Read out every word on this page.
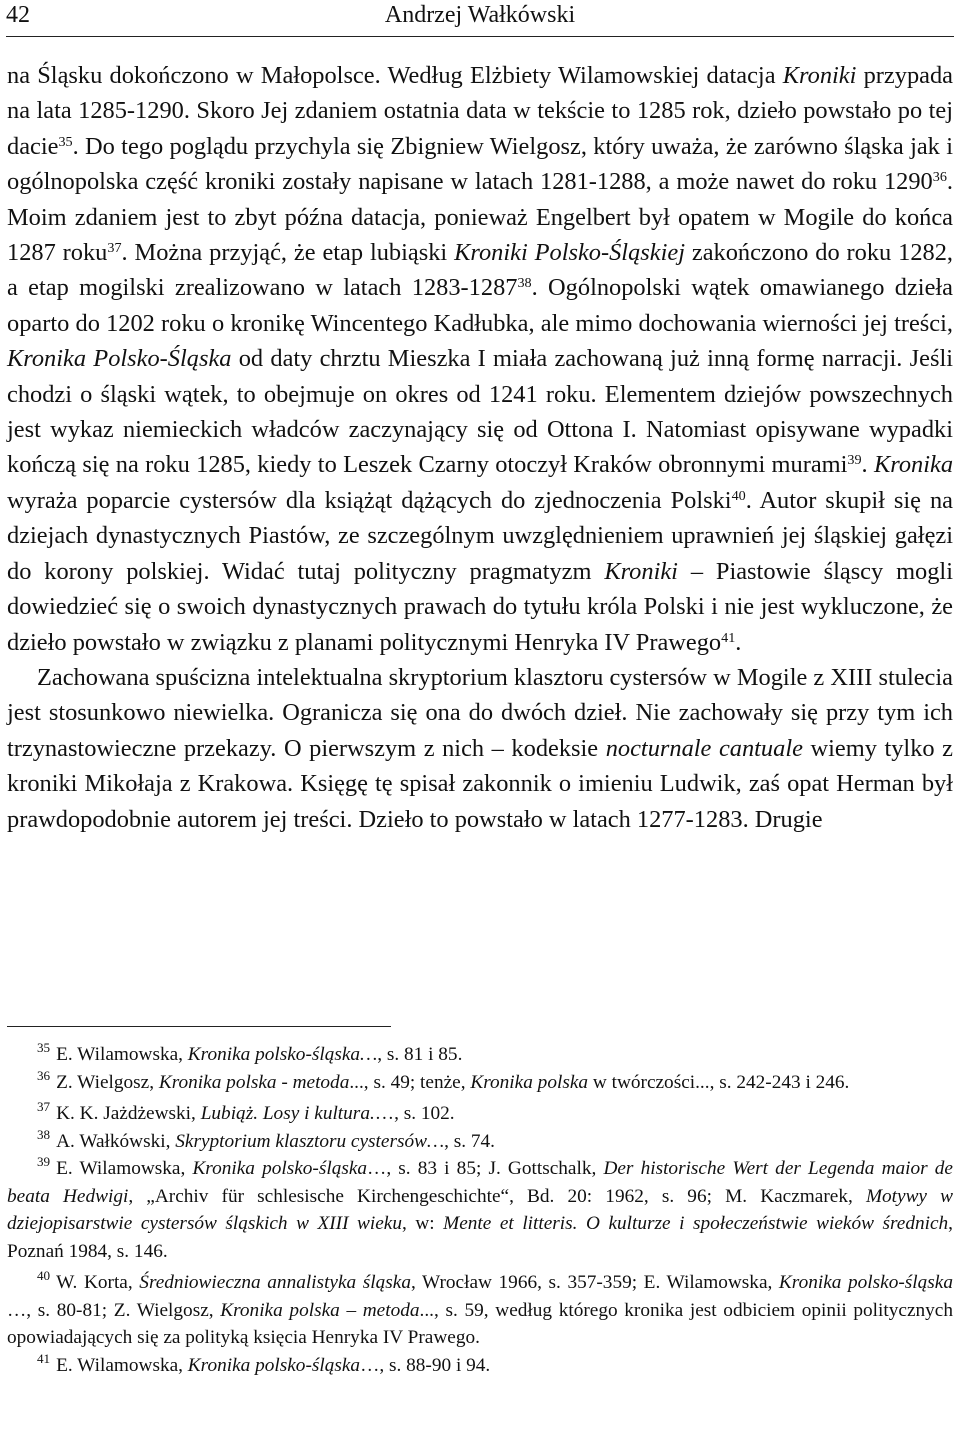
42	Andrzej Wałkówski

na Śląsku dokończono w Małopolsce. Według Elżbiety Wilamowskiej datacja Kroniki przypada na lata 1285-1290. Skoro Jej zdaniem ostatnia data w tekście to 1285 rok, dzieło powstało po tej dacie$^{35}$. Do tego poglądu przychyla się Zbigniew Wielgosz, który uważa, że zarówno śląska jak i ogólnopolska część kroniki zostały napisane w latach 1281-1288, a może nawet do roku 1290$^{36}$. Moim zdaniem jest to zbyt późna datacja, ponieważ Engelbert był opatem w Mogile do końca 1287 roku$^{37}$. Można przyjąć, że etap lubiąski Kroniki Polsko-Śląskiej zakończono do roku 1282, a etap mogilski zrealizowano w latach 1283-1287$^{38}$. Ogólnopolski wątek omawianego dzieła oparto do 1202 roku o kronikę Wincentego Kadłubka, ale mimo dochowania wierności jej treści, Kronika Polsko-Śląska od daty chrztu Mieszka I miała zachowaną już inną formę narracji. Jeśli chodzi o śląski wątek, to obejmuje on okres od 1241 roku. Elementem dziejów powszechnych jest wykaz niemieckich władców zaczynający się od Ottona I. Natomiast opisywane wypadki kończą się na roku 1285, kiedy to Leszek Czarny otoczył Kraków obronnymi murami$^{39}$. Kronika wyraża poparcie cystersów dla książąt dążących do zjednoczenia Polski$^{40}$. Autor skupił się na dziejach dynastycznych Piastów, ze szczególnym uwzględnieniem uprawnień jej śląskiej gałęzi do korony polskiej. Widać tutaj polityczny pragmatyzm Kroniki – Piastowie śląscy mogli dowiedzieć się o swoich dynastycznych prawach do tytułu króla Polski i nie jest wykluczone, że dzieło powstało w związku z planami politycznymi Henryka IV Prawego$^{41}$.

Zachowana spuścizna intelektualna skryptorium klasztoru cystersów w Mogile z XIII stulecia jest stosunkowo niewielka. Ogranicza się ona do dwóch dzieł. Nie zachowały się przy tym ich trzynastowieczne przekazy. O pierwszym z nich – kodeksie nocturnale cantuale wiemy tylko z kroniki Mikołaja z Krakowa. Księgę tę spisał zakonnik o imieniu Ludwik, zaś opat Herman był prawdopodobnie autorem jej treści. Dzieło to powstało w latach 1277-1283. Drugie

$^{35}$ E. Wilamowska, Kronika polsko-śląska…, s. 81 i 85.

$^{36}$ Z. Wielgosz, Kronika polska - metoda..., s. 49; tenże, Kronika polska w twórczości..., s. 242-243 i 246.

$^{37}$ K. K. Jażdżewski, Lubiąż. Losy i kultura.…, s. 102.

$^{38}$ A. Wałkówski, Skryptorium klasztoru cystersów…, s. 74.

$^{39}$ E. Wilamowska, Kronika polsko-śląska…, s. 83 i 85; J. Gottschalk, Der historische Wert der Legenda maior de beata Hedwigi, „Archiv für schlesische Kirchengeschichte“, Bd. 20: 1962, s. 96; M. Kaczmarek, Motywy w dziejopisarstwie cystersów śląskich w XIII wieku, w: Mente et litteris. O kulturze i społeczeństwie wieków średnich, Poznań 1984, s. 146.

$^{40}$ W. Korta, Średniowieczna annalistyka śląska, Wrocław 1966, s. 357-359; E. Wilamowska, Kronika polsko-śląska …, s. 80-81; Z. Wielgosz, Kronika polska – metoda..., s. 59, według którego kronika jest odbiciem opinii politycznych opowiadających się za polityką księcia Henryka IV Prawego.

$^{41}$ E. Wilamowska, Kronika polsko-śląska…, s. 88-90 i 94.
